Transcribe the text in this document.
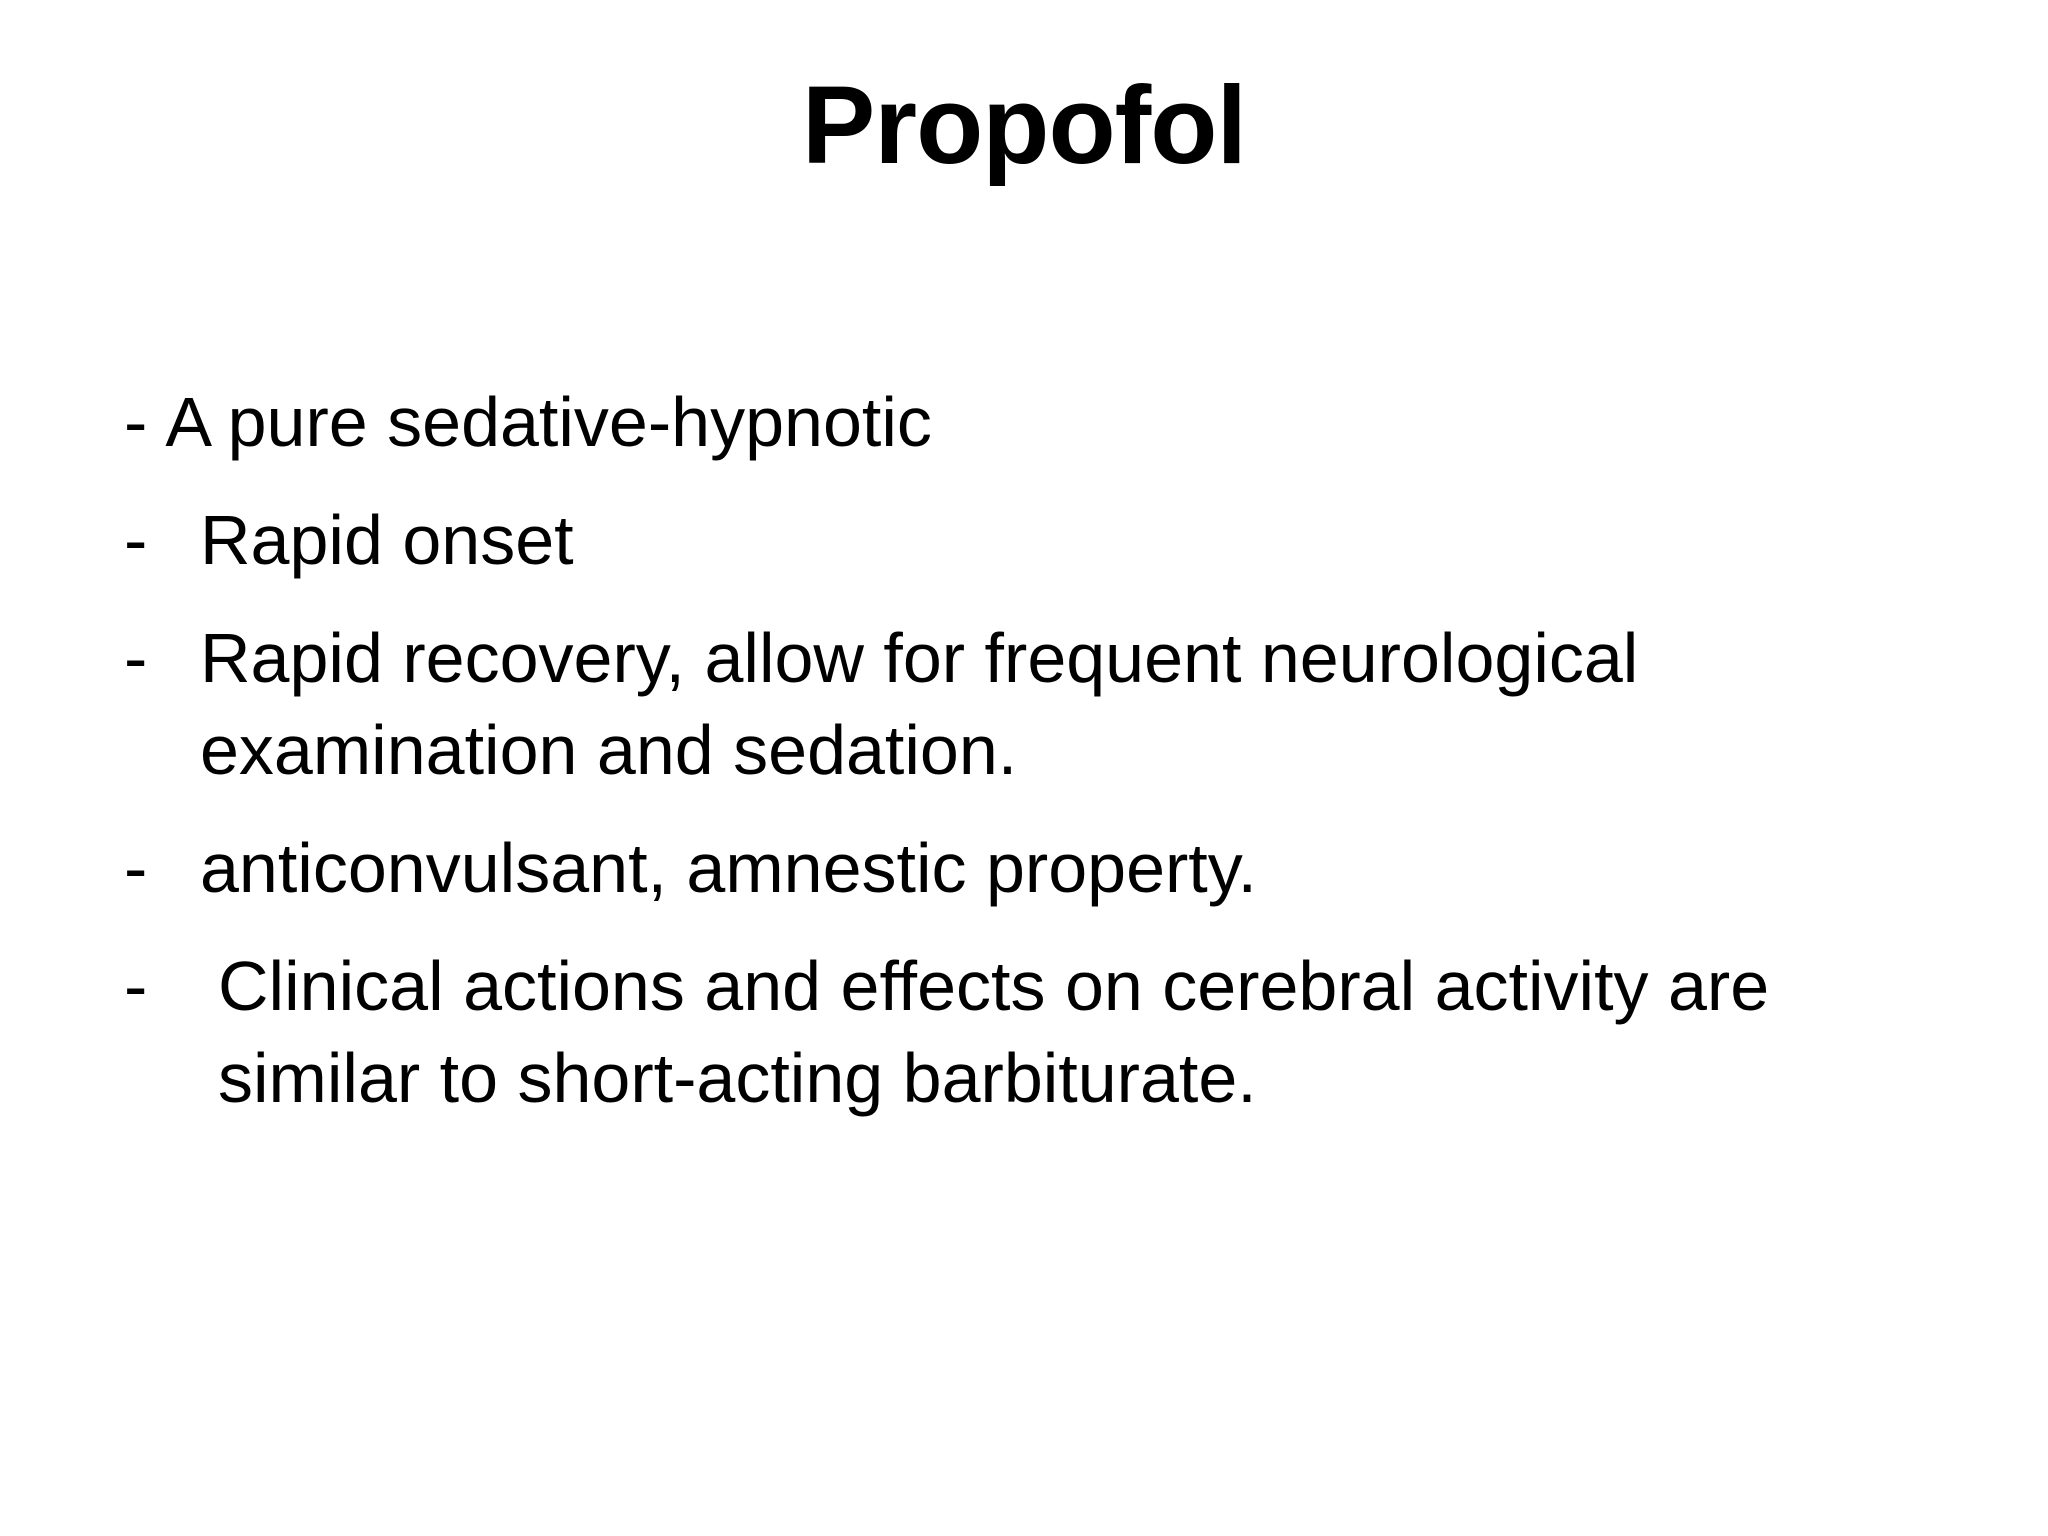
Propofol
- A pure sedative-hypnotic
- Rapid onset
- Rapid recovery, allow for frequent neurological examination and sedation.
- anticonvulsant, amnestic property.
-	Clinical actions and effects on cerebral activity are similar to short-acting barbiturate.
